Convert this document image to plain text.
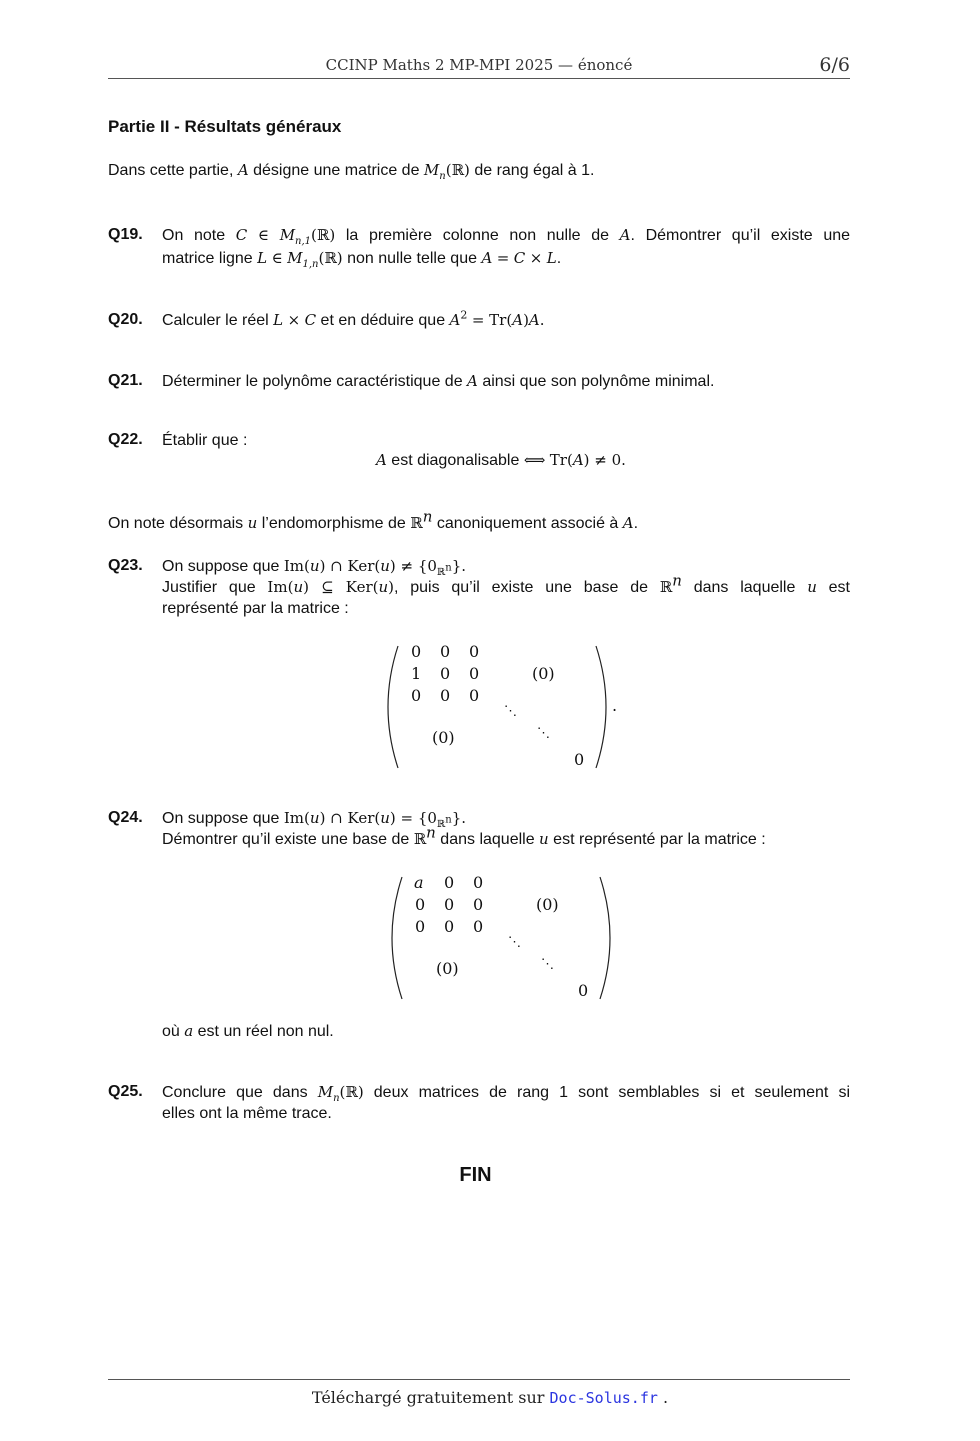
CCINP Maths 2 MP-MPI 2025 — énoncé	6/6
Partie II - Résultats généraux
Dans cette partie, A désigne une matrice de $M_n(ℝ)$ de rang égal à 1.
Q19. On note C ∈ $M_{n,1}(ℝ)$ la première colonne non nulle de A. Démontrer qu’il existe une
matrice ligne L ∈ $M_{1,n}(ℝ)$ non nulle telle que A = C × L.
Q20. Calculer le réel L × C et en déduire que $A^2 = Tr(A)A$.
Q21. Déterminer le polynôme caractéristique de A ainsi que son polynôme minimal.
Q22. Établir que :
A est diagonalisable ⟺ Tr(A) ≠ 0.
On note désormais u l’endomorphisme de ℝ$^n$ canoniquement associé à A.
Q23. On suppose que Im(u) ∩ $Ker(u) \ne \{0_{ℝ^n}\}$.
Justifier que Im(u) ⊆ Ker(u), puis qu’il existe une base de ℝ$^n$ dans laquelle u est
représenté par la matrice :
0 0 0
1 0 0	(0)
0 0 0
⋱
(0)	⋱
0
.
Q24. On suppose que Im(u) ∩ $Ker(u) = \{0_{ℝ^n}\}$.
Démontrer qu’il existe une base de ℝ$^n$ dans laquelle u est représenté par la matrice :
a 0 0
0 0 0	(0)
0 0 0
⋱
(0)	⋱
0
où a est un réel non nul.
Q25. Conclure que dans $M_n(ℝ)$ deux matrices de rang 1 sont semblables si et seulement si
elles ont la même trace.
FIN
Téléchargé gratuitement sur Doc-Solus.fr .
